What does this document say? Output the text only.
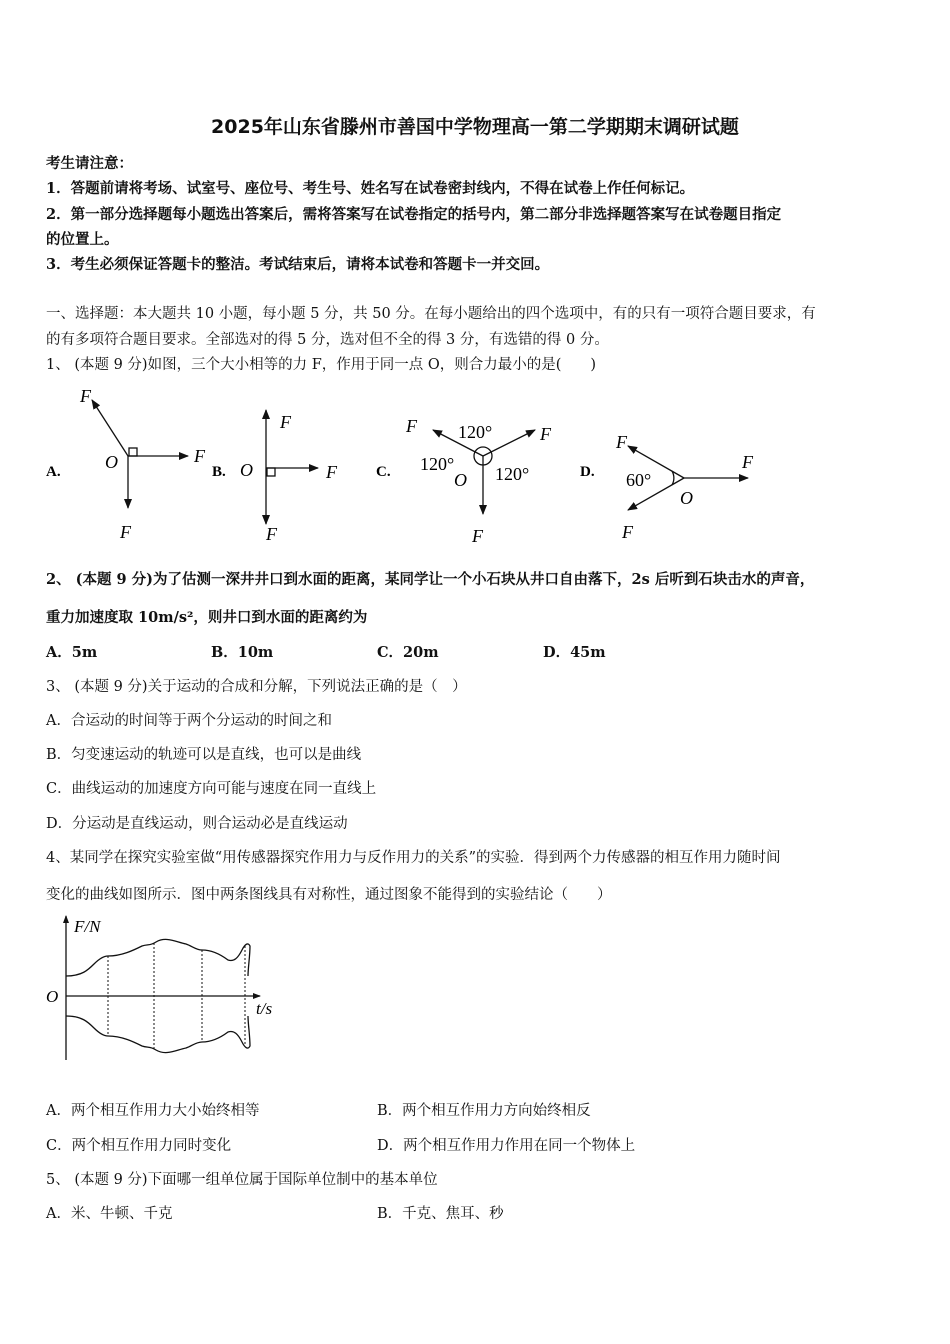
2025年山东省滕州市善国中学物理高一第二学期期末调研试题
考生请注意：
1．答题前请将考场、试室号、座位号、考生号、姓名写在试卷密封线内，不得在试卷上作任何标记。
2．第一部分选择题每小题选出答案后，需将答案写在试卷指定的括号内，第二部分非选择题答案写在试卷题目指定
的位置上。
3．考生必须保证答题卡的整洁。考试结束后，请将本试卷和答题卡一并交回。
一、选择题：本大题共 10 小题，每小题 5 分，共 50 分。在每小题给出的四个选项中，有的只有一项符合题目要求，有
的有多项符合题目要求。全部选对的得 5 分，选对但不全的得 3 分，有选错的得 0 分。
1、 (本题 9 分)如图，三个大小相等的力 F，作用于同一点 O，则合力最小的是(　　)
A.
F
F
F
O	B.
F
F
F
O	C.
F	F
F
120°
120° 120°
O	D.
F
F
F
60°
O
2、 (本题 9 分)为了估测一深井井口到水面的距离，某同学让一个小石块从井口自由落下，2s 后听到石块击水的声音，
重力加速度取 10m/s²，则井口到水面的距离约为
A．5m	B．10m	C．20m	D．45m
3、 (本题 9 分)关于运动的合成和分解，下列说法正确的是（　）
A．合运动的时间等于两个分运动的时间之和
B．匀变速运动的轨迹可以是直线，也可以是曲线
C．曲线运动的加速度方向可能与速度在同一直线上
D．分运动是直线运动，则合运动必是直线运动
4、某同学在探究实验室做“用传感器探究作用力与反作用力的关系”的实验．得到两个力传感器的相互作用力随时间
变化的曲线如图所示．图中两条图线具有对称性，通过图象不能得到的实验结论（　　）
F/N
t/s
O
A．两个相互作用力大小始终相等	B．两个相互作用力方向始终相反
C．两个相互作用力同时变化	D．两个相互作用力作用在同一个物体上
5、 (本题 9 分)下面哪一组单位属于国际单位制中的基本单位
A．米、牛顿、千克	B．千克、焦耳、秒
